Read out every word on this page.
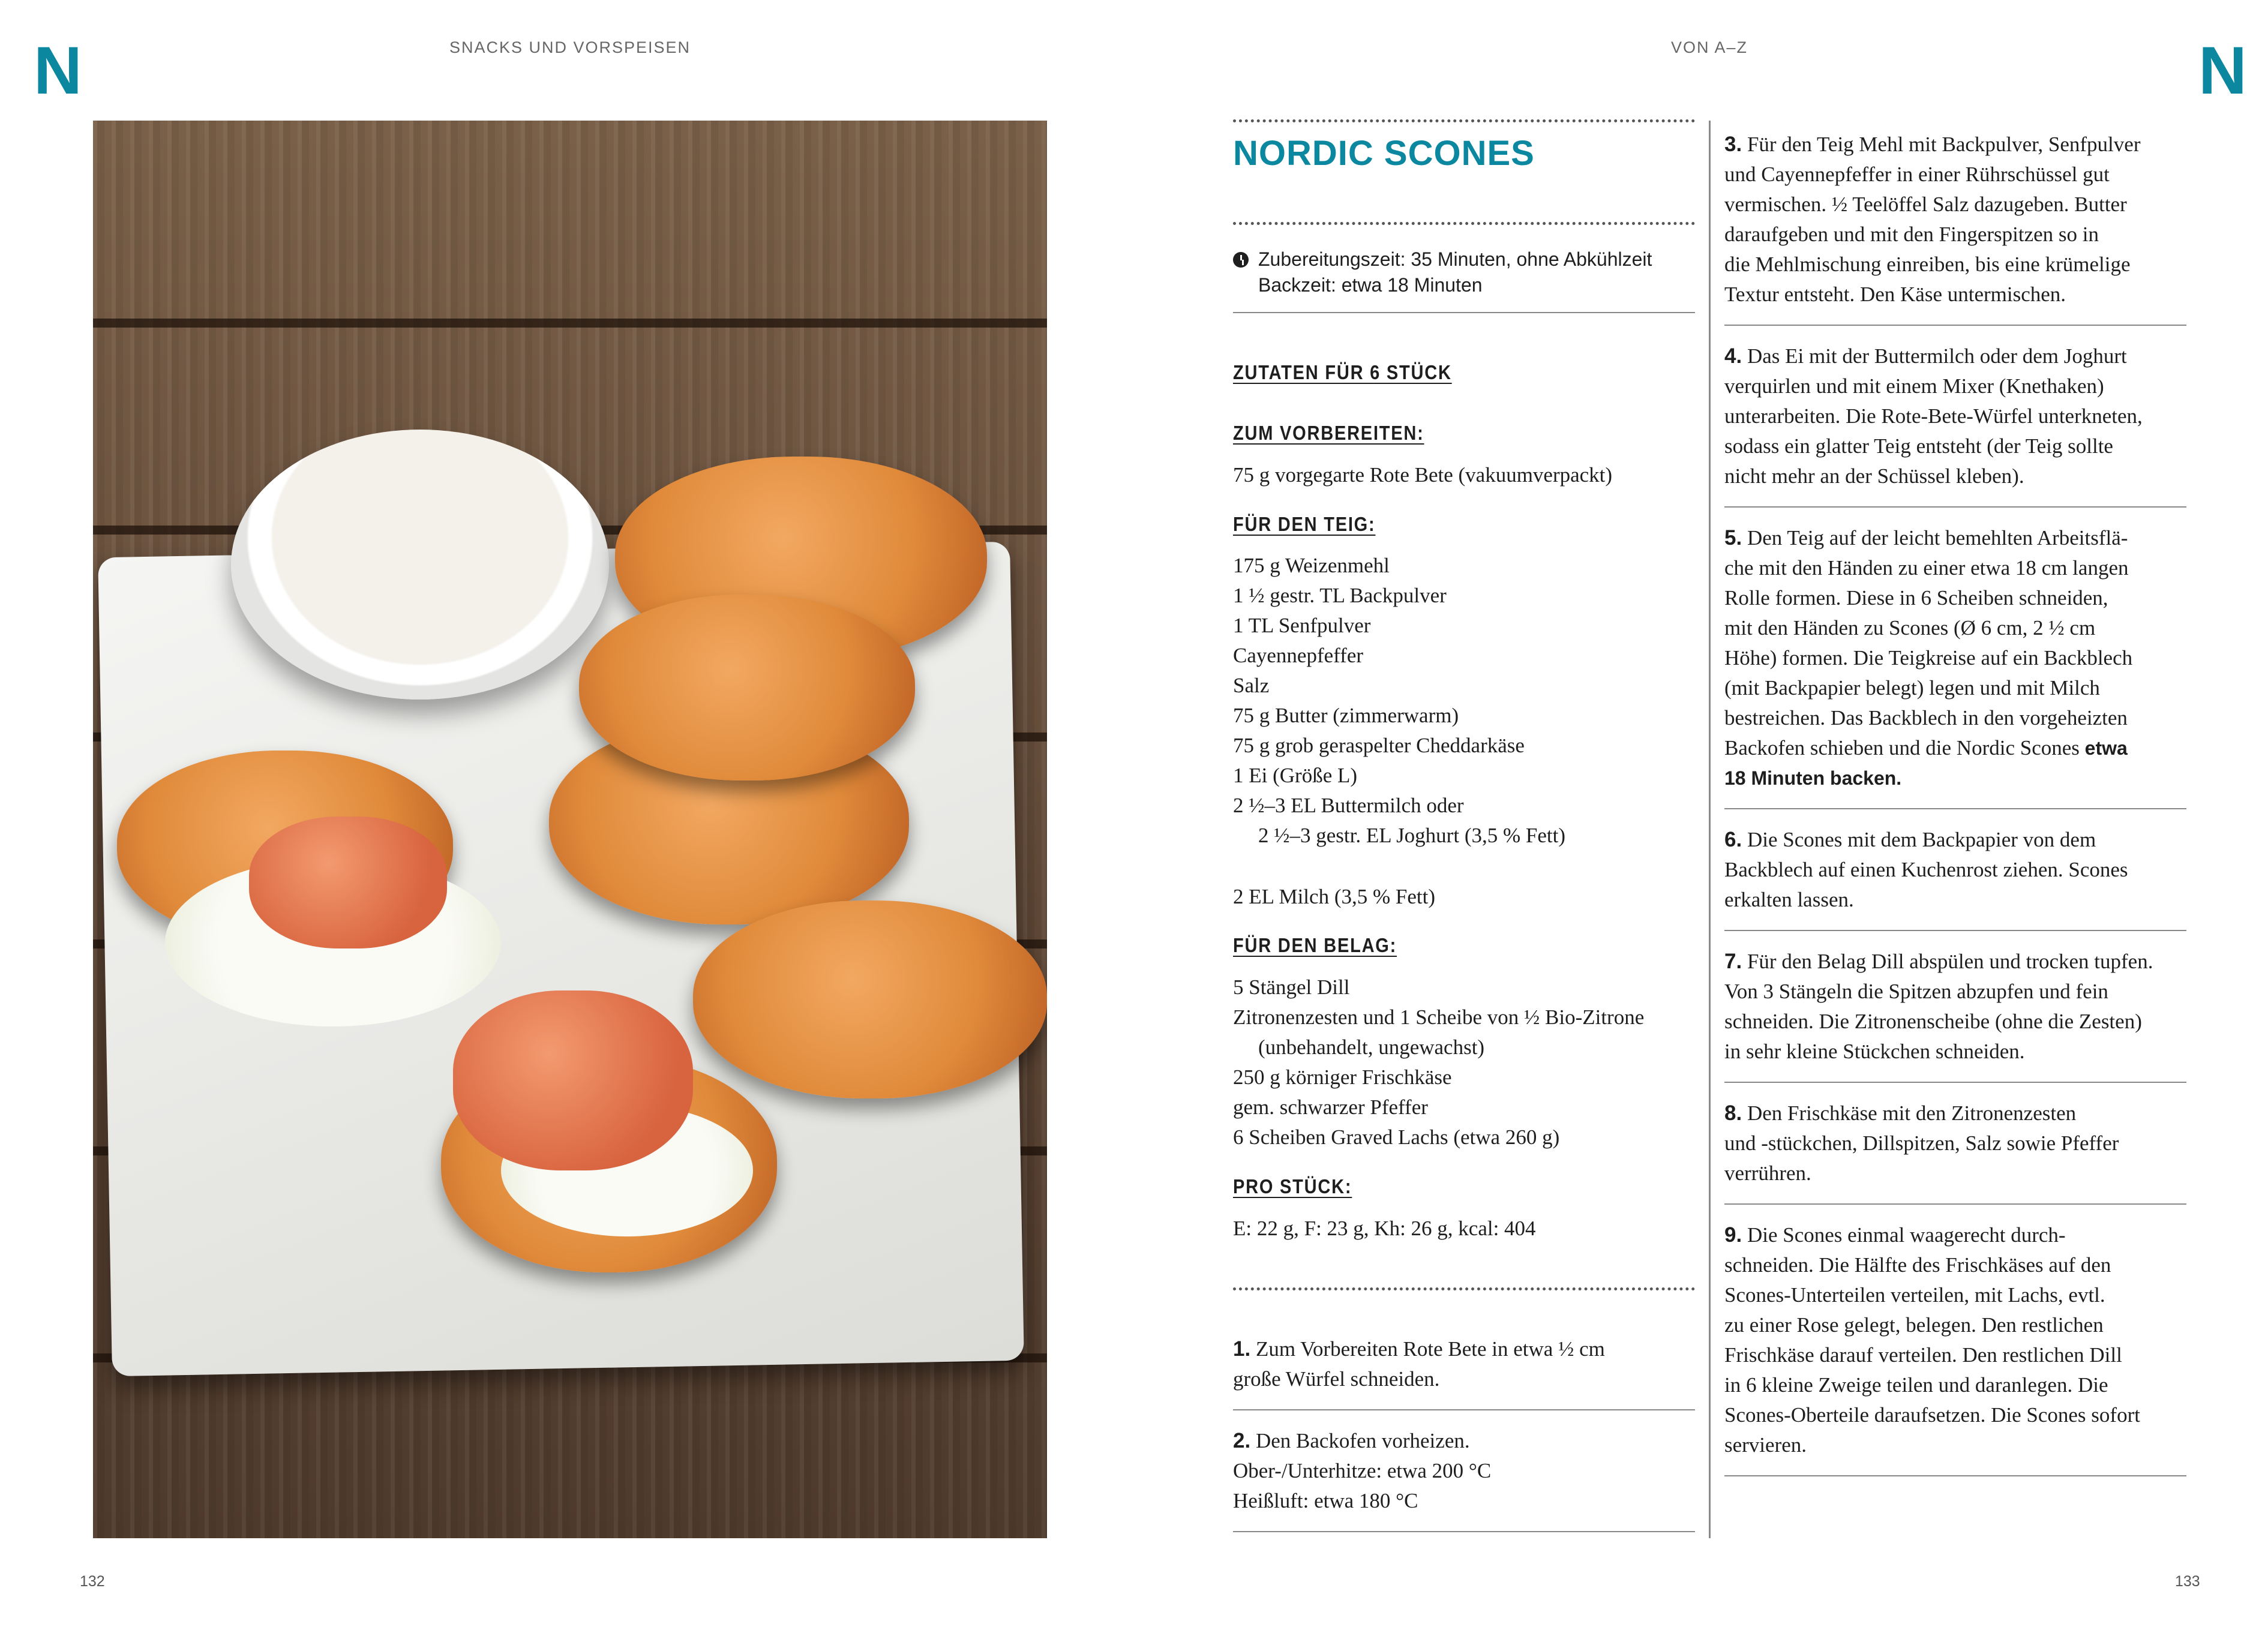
N	SNACKS UND VORSPEISEN
132
VON A–Z	N
133
NORDIC SCONES
Zubereitungszeit: 35 Minuten, ohne Abkühlzeit
Backzeit: etwa 18 Minuten
ZUTATEN FÜR 6 STÜCK
ZUM VORBEREITEN:
75 g vorgegarte Rote Bete (vakuumverpackt)
FÜR DEN TEIG:
175 g Weizenmehl
1 ½ gestr. TL Backpulver
1 TL Senfpulver
Cayennepfeffer
Salz
75 g Butter (zimmerwarm)
75 g grob geraspelter Cheddarkäse
1 Ei (Größe L)
2 ½–3 EL Buttermilch oder
2 ½–3 gestr. EL Joghurt (3,5 % Fett)
2 EL Milch (3,5 % Fett)
FÜR DEN BELAG:
5 Stängel Dill
Zitronenzesten und 1 Scheibe von ½ Bio-Zitrone
(unbehandelt, ungewachst)
250 g körniger Frischkäse
gem. schwarzer Pfeffer
6 Scheiben Graved Lachs (etwa 260 g)
PRO STÜCK:
E: 22 g, F: 23 g, Kh: 26 g, kcal: 404
1. Zum Vorbereiten Rote Bete in etwa ½ cm
große Würfel schneiden.
2. Den Backofen vorheizen.
Ober-/Unterhitze: etwa 200 °C
Heißluft: etwa 180 °C
3. Für den Teig Mehl mit Backpulver, Senfpulver
und Cayennepfeffer in einer Rührschüssel gut
vermischen. ½ Teelöffel Salz dazugeben. Butter
daraufgeben und mit den Fingerspitzen so in
die Mehlmischung einreiben, bis eine krümelige
Textur entsteht. Den Käse untermischen.
4. Das Ei mit der Buttermilch oder dem Joghurt
verquirlen und mit einem Mixer (Knethaken)
unterarbeiten. Die Rote-Bete-Würfel unterkneten,
sodass ein glatter Teig entsteht (der Teig sollte
nicht mehr an der Schüssel kleben).
5. Den Teig auf der leicht bemehlten Arbeitsflä-
che mit den Händen zu einer etwa 18 cm langen
Rolle formen. Diese in 6 Scheiben schneiden,
mit den Händen zu Scones (Ø 6 cm, 2 ½ cm
Höhe) formen. Die Teigkreise auf ein Backblech
(mit Backpapier belegt) legen und mit Milch
bestreichen. Das Backblech in den vorgeheizten
Backofen schieben und die Nordic Scones etwa
18 Minuten backen.
6. Die Scones mit dem Backpapier von dem
Backblech auf einen Kuchenrost ziehen. Scones
erkalten lassen.
7. Für den Belag Dill abspülen und trocken tupfen.
Von 3 Stängeln die Spitzen abzupfen und fein
schneiden. Die Zitronenscheibe (ohne die Zesten)
in sehr kleine Stückchen schneiden.
8. Den Frischkäse mit den Zitronenzesten
und -stückchen, Dillspitzen, Salz sowie Pfeffer
verrühren.
9. Die Scones einmal waagerecht durch-
schneiden. Die Hälfte des Frischkäses auf den
Scones-Unterteilen verteilen, mit Lachs, evtl.
zu einer Rose gelegt, belegen. Den restlichen
Frischkäse darauf verteilen. Den restlichen Dill
in 6 kleine Zweige teilen und daranlegen. Die
Scones-Oberteile daraufsetzen. Die Scones sofort
servieren.
